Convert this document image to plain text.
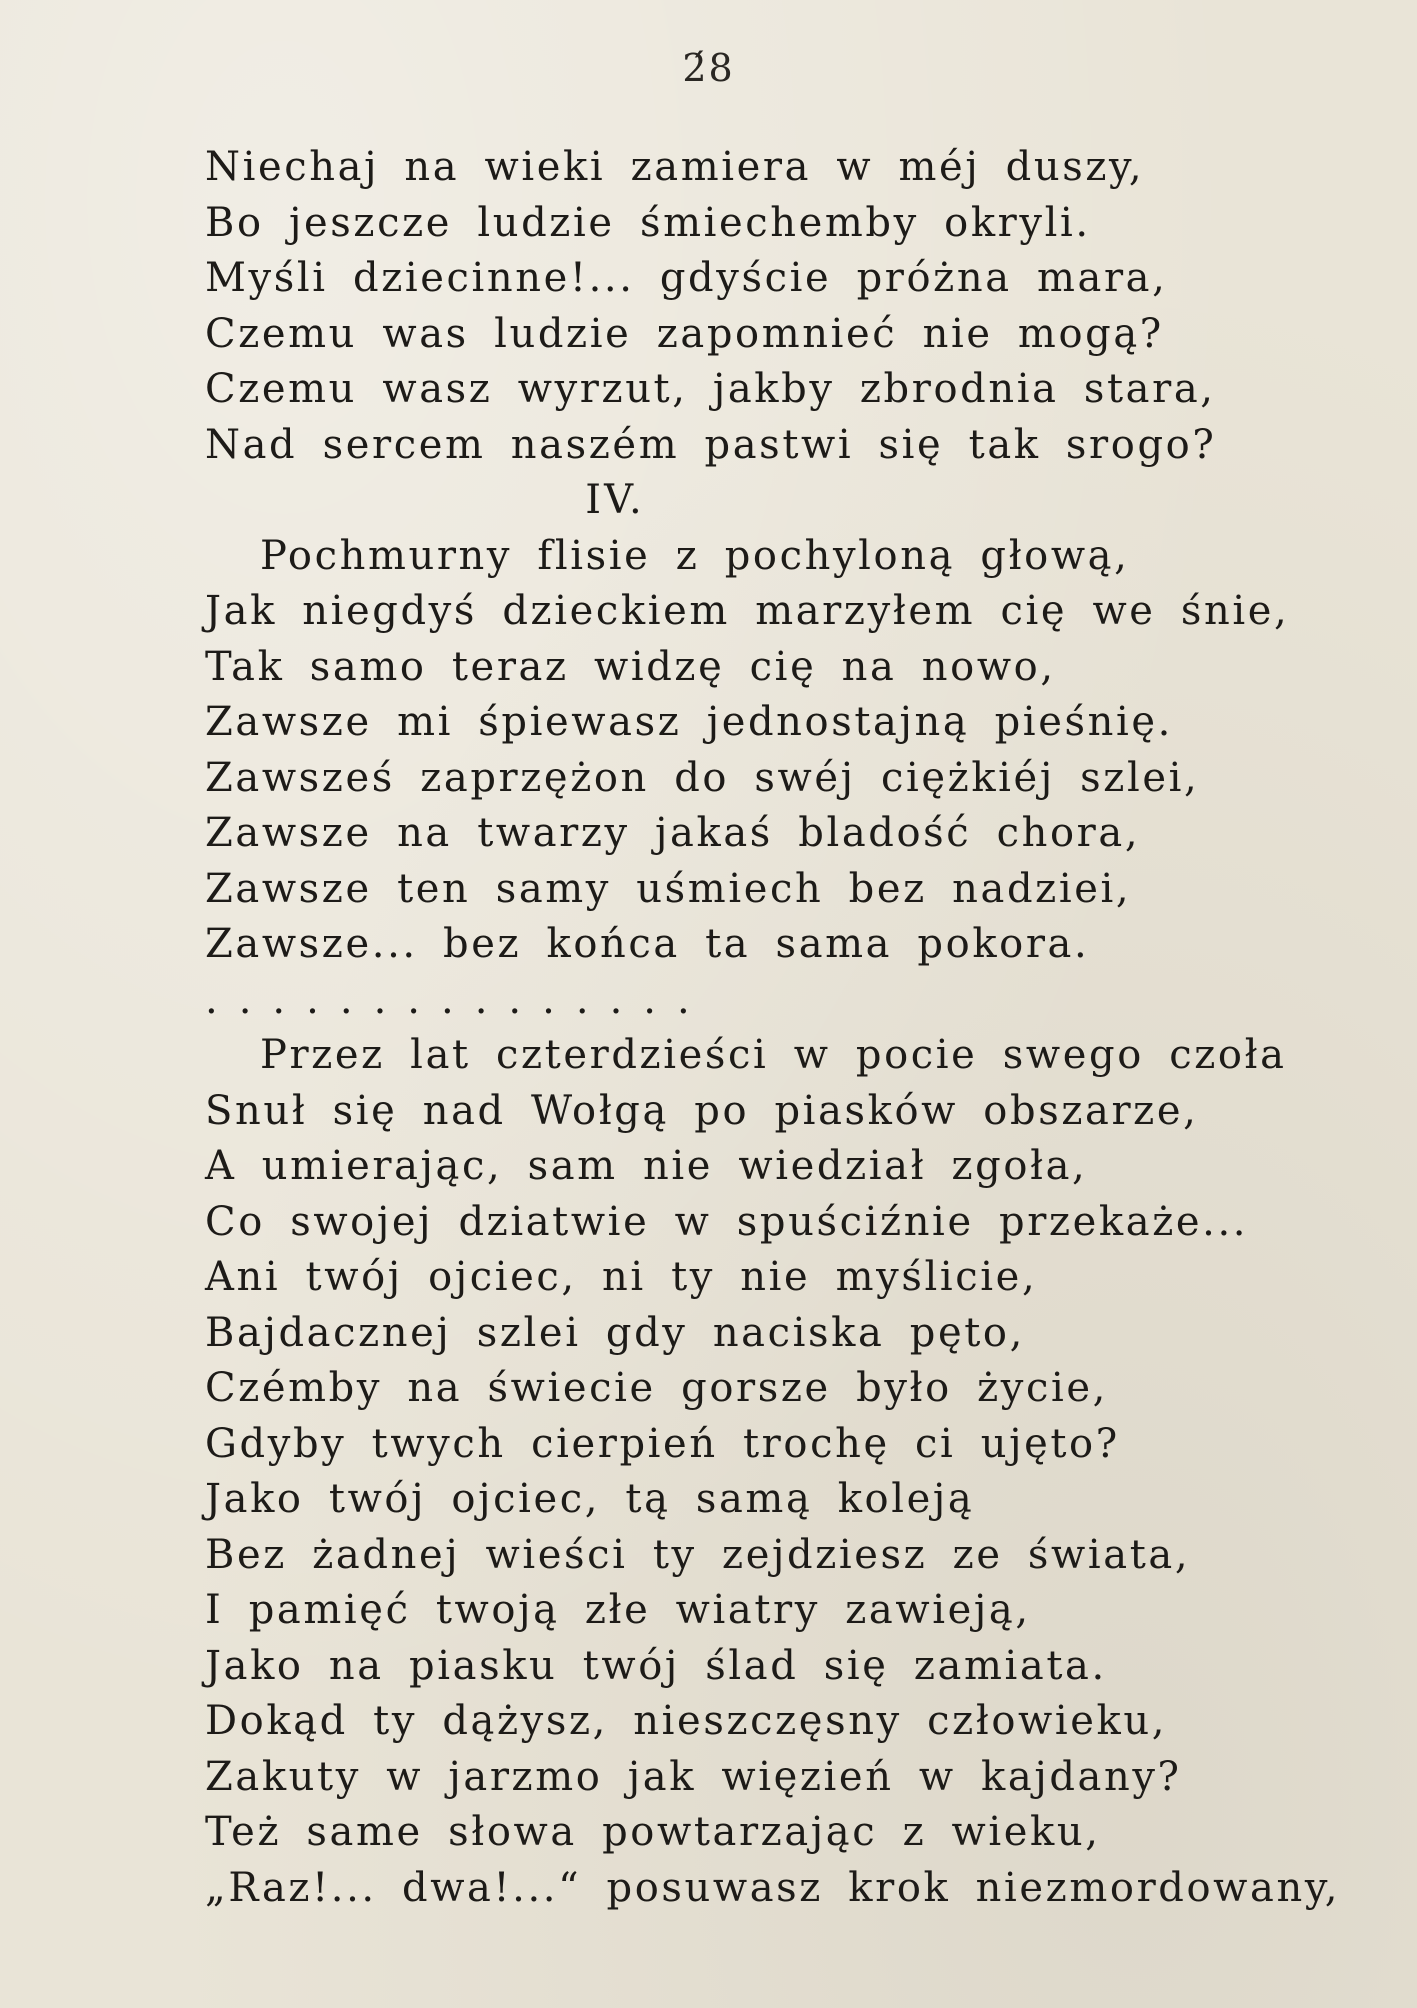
2́8
Niechaj na wieki zamiera w méj duszy,
Bo jeszcze ludzie śmiechemby okryli.
Myśli dziecinne!... gdyście próżna mara,
Czemu was ludzie zapomnieć nie mogą?
Czemu wasz wyrzut, jakby zbrodnia stara,
Nad sercem naszém pastwi się tak srogo?
IV.
Pochmurny flisie z pochyloną głową,
Jak niegdyś dzieckiem marzyłem cię we śnie,
Tak samo teraz widzę cię na nowo,
Zawsze mi śpiewasz jednostajną pieśnię.
Zawsześ zaprzężon do swéj ciężkiéj szlei,
Zawsze na twarzy jakaś bladość chora,
Zawsze ten samy uśmiech bez nadziei,
Zawsze... bez końca ta sama pokora.
...............
Przez lat czterdzieści w pocie swego czoła
Snuł się nad Wołgą po piasków obszarze,
A umierając, sam nie wiedział zgoła,
Co swojej dziatwie w spuściźnie przekaże...
Ani twój ojciec, ni ty nie myślicie,
Bajdacznej szlei gdy naciska pęto,
Czémby na świecie gorsze było życie,
Gdyby twych cierpień trochę ci ujęto?
Jako twój ojciec, tą samą koleją
Bez żadnej wieści ty zejdziesz ze świata,
I pamięć twoją złe wiatry zawieją,
Jako na piasku twój ślad się zamiata.
Dokąd ty dążysz, nieszczęsny człowieku,
Zakuty w jarzmo jak więzień w kajdany?
Też same słowa powtarzając z wieku,
„Raz!... dwa!...“ posuwasz krok niezmordowany,
